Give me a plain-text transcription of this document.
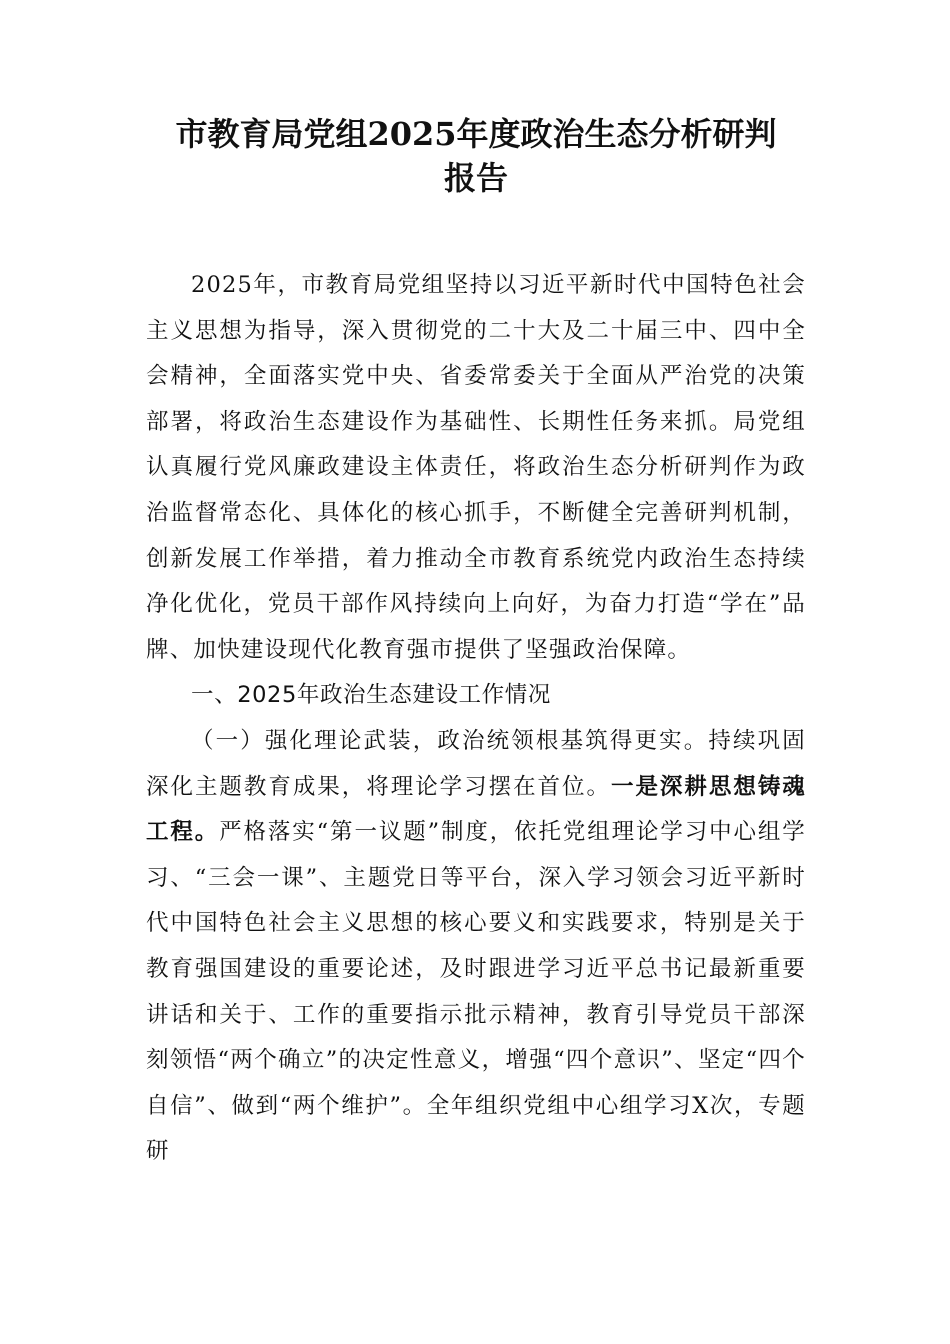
市教育局党组2025年度政治生态分析研判
报告

2025年，市教育局党组坚持以习近平新时代中国特色社会主义思想为指导，深入贯彻党的二十大及二十届三中、四中全会精神，全面落实党中央、省委常委关于全面从严治党的决策部署，将政治生态建设作为基础性、长期性任务来抓。局党组认真履行党风廉政建设主体责任，将政治生态分析研判作为政治监督常态化、具体化的核心抓手，不断健全完善研判机制，创新发展工作举措，着力推动全市教育系统党内政治生态持续净化优化，党员干部作风持续向上向好，为奋力打造“学在”品牌、加快建设现代化教育强市提供了坚强政治保障。

一、2025年政治生态建设工作情况

（一）强化理论武装，政治统领根基筑得更实。持续巩固深化主题教育成果，将理论学习摆在首位。一是深耕思想铸魂工程。严格落实“第一议题”制度，依托党组理论学习中心组学习、“三会一课”、主题党日等平台，深入学习领会习近平新时代中国特色社会主义思想的核心要义和实践要求，特别是关于教育强国建设的重要论述，及时跟进学习近平总书记最新重要讲话和关于、工作的重要指示批示精神，教育引导党员干部深刻领悟“两个确立”的决定性意义，增强“四个意识”、坚定“四个自信”、做到“两个维护”。全年组织党组中心组学习X次，专题研
